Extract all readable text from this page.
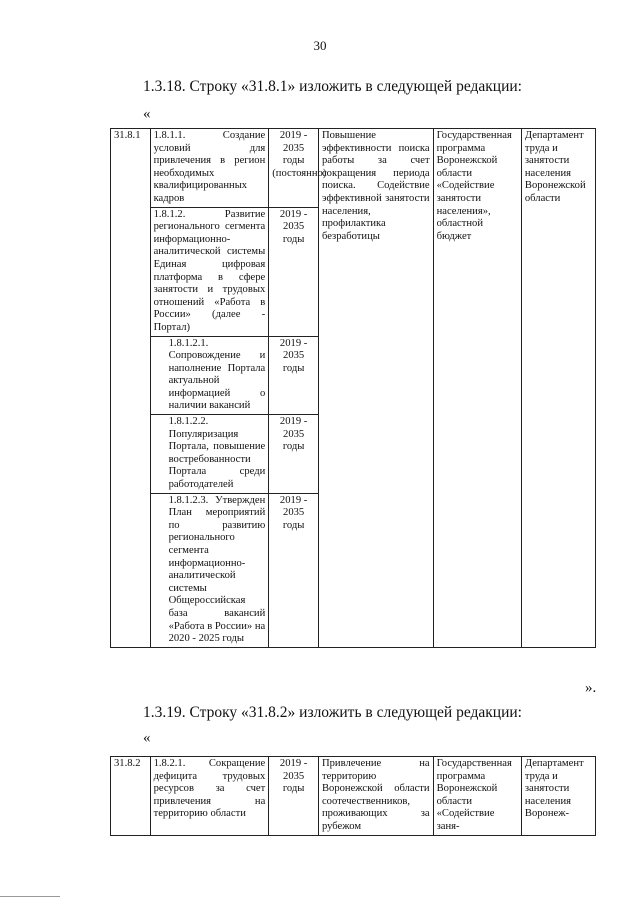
30
1.3.18. Строку «31.8.1» изложить в следующей редакции:
«
31.8.1	1.8.1.1. Создание условий для привлечения в регион необходимых квалифицированных кадров	2019 - 2035 годы (постоянно)	Повышение эффективности поиска работы за счет сокращения периода поиска. Содействие эффективной занятости населения, профилактика безработицы	Государственная программа Воронежской области «Содействие занятости населения», областной бюджет	Департамент труда и занятости населения Воронежской области
	1.8.1.2. Развитие регионального сегмента информационно-аналитической системы Единая цифровая платформа в сфере занятости и трудовых отношений «Работа в России» (далее - Портал)	2019 - 2035 годы			
	1.8.1.2.1. Сопровождение и наполнение Портала актуальной информацией о наличии вакансий	2019 - 2035 годы			
	1.8.1.2.2. Популяризация Портала, повышение востребованности Портала среди работодателей	2019 - 2035 годы			
	1.8.1.2.3. Утвержден План мероприятий по развитию регионального сегмента информационно-аналитической системы Общероссийская база вакансий «Работа в России» на 2020 - 2025 годы	2019 - 2035 годы			
».
1.3.19. Строку «31.8.2» изложить в следующей редакции:
«
31.8.2	1.8.2.1. Сокращение дефицита трудовых ресурсов за счет привлечения на территорию области	2019 - 2035 годы	Привлечение на территорию Воронежской области соотечественников, проживающих за рубежом	Государственная программа Воронежской области «Содействие заня-	Департамент труда и занятости населения Воронеж-
